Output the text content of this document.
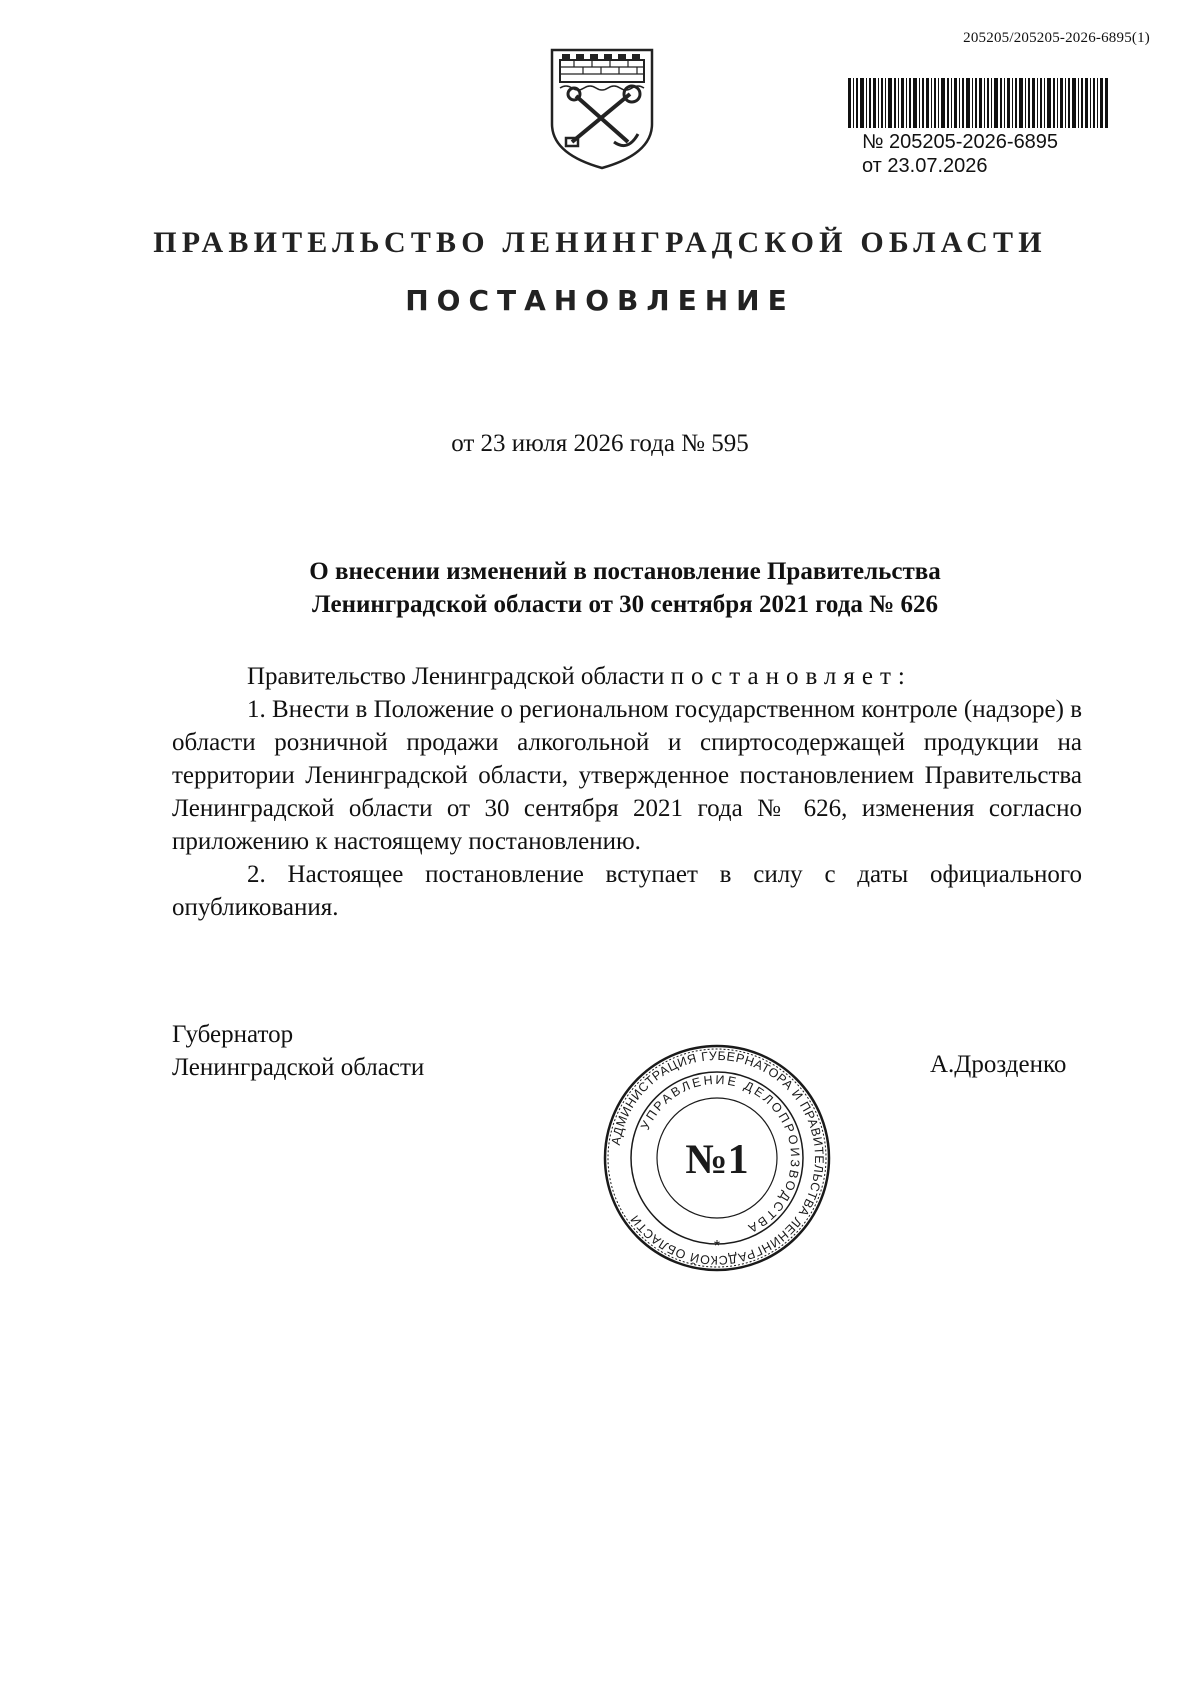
205205/205205-2026-6895(1)
№ 205205-2026-6895
от 23.07.2026
ПРАВИТЕЛЬСТВО ЛЕНИНГРАДСКОЙ ОБЛАСТИ
ПОСТАНОВЛЕНИЕ
от 23 июля 2026 года № 595
О внесении изменений в постановление Правительства
Ленинградской области от 30 сентября 2021 года № 626

Правительство Ленинградской области постановляет:

1. Внести в Положение о региональном государственном контроле (надзоре) в области розничной продажи алкогольной и спиртосодержащей продукции на территории Ленинградской области, утвержденное постановлением Правительства Ленинградской области от 30 сентября 2021 года № 626, изменения согласно приложению к настоящему постановлению.

2. Настоящее постановление вступает в силу с даты официального опубликования.

Губернатор
Ленинградской области	А.Дрозденко
АДМИНИСТРАЦИЯ ГУБЕРНАТОРА И ПРАВИТЕЛЬСТВА ЛЕНИНГРАДСКОЙ ОБЛАСТИ
УПРАВЛЕНИЕ ДЕЛОПРОИЗВОДСТВА
№1
*
